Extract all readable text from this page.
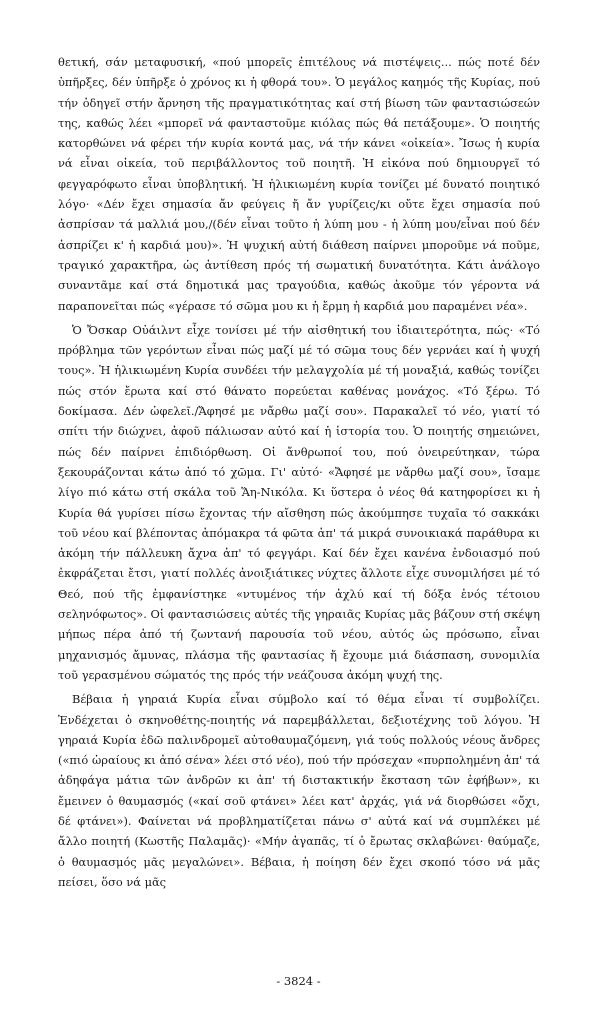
θετική, σάν μεταφυσική, «πού μπορεῖς ἐπιτέλους νά πιστέψεις... πώς ποτέ δέν ὑπῆρξες, δέν ὑπῆρξε ὁ χρόνος κι ἡ φθορά του». Ὁ μεγάλος καημός τῆς Κυρίας, πού τήν ὁδηγεῖ στήν ἄρνηση τῆς πραγματικότητας καί στή βίωση τῶν φαντασιώσεών της, καθώς λέει «μπορεῖ νά φανταστοῦμε κιόλας πώς θά πετάξουμε». Ὁ ποιητής κατορθώνει νά φέρει τήν κυρία κοντά μας, νά τήν κάνει «οἰκεία». Ἴσως ἡ κυρία νά εἶναι οἰκεία, τοῦ περιβάλλοντος τοῦ ποιητῆ. Ἡ εἰκόνα πού δημιουργεῖ τό φεγγαρόφωτο εἶναι ὑποβλητική. Ἡ ἡλικιωμένη κυρία τονίζει μέ δυνατό ποιητικό λόγο· «Δέν ἔχει σημασία ἄν φεύγεις ἤ ἄν γυρίζεις/κι οὔτε ἔχει σημασία πού ἀσπρίσαν τά μαλλιά μου,/(δέν εἶναι τοῦτο ἡ λύπη μου - ἡ λύπη μου/εἶναι πού δέν ἀσπρίζει κ' ἡ καρδιά μου)». Ἡ ψυχική αὐτή διάθεση παίρνει μποροῦμε νά ποῦμε, τραγικό χαρακτῆρα, ὡς ἀντίθεση πρός τή σωματική δυνατότητα. Κάτι ἀνάλογο συναντᾶμε καί στά δημοτικά μας τραγούδια, καθώς ἀκοῦμε τόν γέροντα νά παραπονεῖται πώς «γέρασε τό σῶμα μου κι ἡ ἔρμη ἡ καρδιά μου παραμένει νέα».

Ὁ Ὄσκαρ Οὐάιλντ εἶχε τονίσει μέ τήν αἰσθητική του ἰδιαιτερότητα, πώς· «Τό πρόβλημα τῶν γερόντων εἶναι πώς μαζί μέ τό σῶμα τους δέν γερνάει καί ἡ ψυχή τους». Ἡ ἡλικιωμένη Κυρία συνδέει τήν μελαγχολία μέ τή μοναξιά, καθώς τονίζει πώς στόν ἔρωτα καί στό θάνατο πορεύεται καθένας μονάχος. «Τό ξέρω. Τό δοκίμασα. Δέν ὠφελεῖ./Ἄφησέ με νἄρθω μαζί σου». Παρακαλεῖ τό νέο, γιατί τό σπίτι τήν διώχνει, ἀφοῦ πάλιωσαν αὐτό καί ἡ ἱστορία του. Ὁ ποιητής σημειώνει, πώς δέν παίρνει ἐπιδιόρθωση. Οἱ ἄνθρωποί του, πού ὀνειρεύτηκαν, τώρα ξεκουράζονται κάτω ἀπό τό χῶμα. Γι' αὐτό· «Ἄφησέ με νἄρθω μαζί σου», ἴσαμε λίγο πιό κάτω στή σκάλα τοῦ Ἅη-Νικόλα. Κι ὕστερα ὁ νέος θά κατηφορίσει κι ἡ Κυρία θά γυρίσει πίσω ἔχοντας τήν αἴσθηση πώς ἀκούμπησε τυχαῖα τό σακκάκι τοῦ νέου καί βλέποντας ἀπόμακρα τά φῶτα ἀπ' τά μικρά συνοικιακά παράθυρα κι ἀκόμη τήν πάλλευκη ἄχνα ἀπ' τό φεγγάρι. Καί δέν ἔχει κανένα ἐνδοιασμό πού ἐκφράζεται ἔτσι, γιατί πολλές ἀνοιξιάτικες νύχτες ἄλλοτε εἶχε συνομιλήσει μέ τό Θεό, πού τῆς ἐμφανίστηκε «ντυμένος τήν ἀχλύ καί τή δόξα ἑνός τέτοιου σεληνόφωτος». Οἱ φαντασιώσεις αὐτές τῆς γηραιᾶς Κυρίας μᾶς βάζουν στή σκέψη μήπως πέρα ἀπό τή ζωντανή παρουσία τοῦ νέου, αὐτός ὡς πρόσωπο, εἶναι μηχανισμός ἄμυνας, πλάσμα τῆς φαντασίας ἤ ἔχουμε μιά διάσπαση, συνομιλία τοῦ γερασμένου σώματός της πρός τήν νεάζουσα ἀκόμη ψυχή της.

Βέβαια ἡ γηραιά Κυρία εἶναι σύμβολο καί τό θέμα εἶναι τί συμβολίζει. Ἐνδέχεται ὁ σκηνοθέτης-ποιητής νά παρεμβάλλεται, δεξιοτέχνης τοῦ λόγου. Ἡ γηραιά Κυρία ἐδῶ παλινδρομεῖ αὐτοθαυμαζόμενη, γιά τούς πολλούς νέους ἄνδρες («πιό ὡραίους κι ἀπό σένα» λέει στό νέο), πού τήν πρόσεχαν «πυρπολημένη ἀπ' τά ἀδηφάγα μάτια τῶν ἀνδρῶν κι ἀπ' τή διστακτικήν ἔκσταση τῶν ἐφήβων», κι ἔμεινεν ὁ θαυμασμός («καί σοῦ φτάνει» λέει κατ' ἀρχάς, γιά νά διορθώσει «ὄχι, δέ φτάνει»). Φαίνεται νά προβληματίζεται πάνω σ' αὐτά καί νά συμπλέκει μέ ἄλλο ποιητή (Κωστῆς Παλαμᾶς)· «Μήν ἀγαπᾶς, τί ὁ ἔρωτας σκλαβώνει· θαύμαζε, ὁ θαυμασμός μᾶς μεγαλώνει». Βέβαια, ἡ ποίηση δέν ἔχει σκοπό τόσο νά μᾶς πείσει, ὅσο νά μᾶς

- 3824 -
